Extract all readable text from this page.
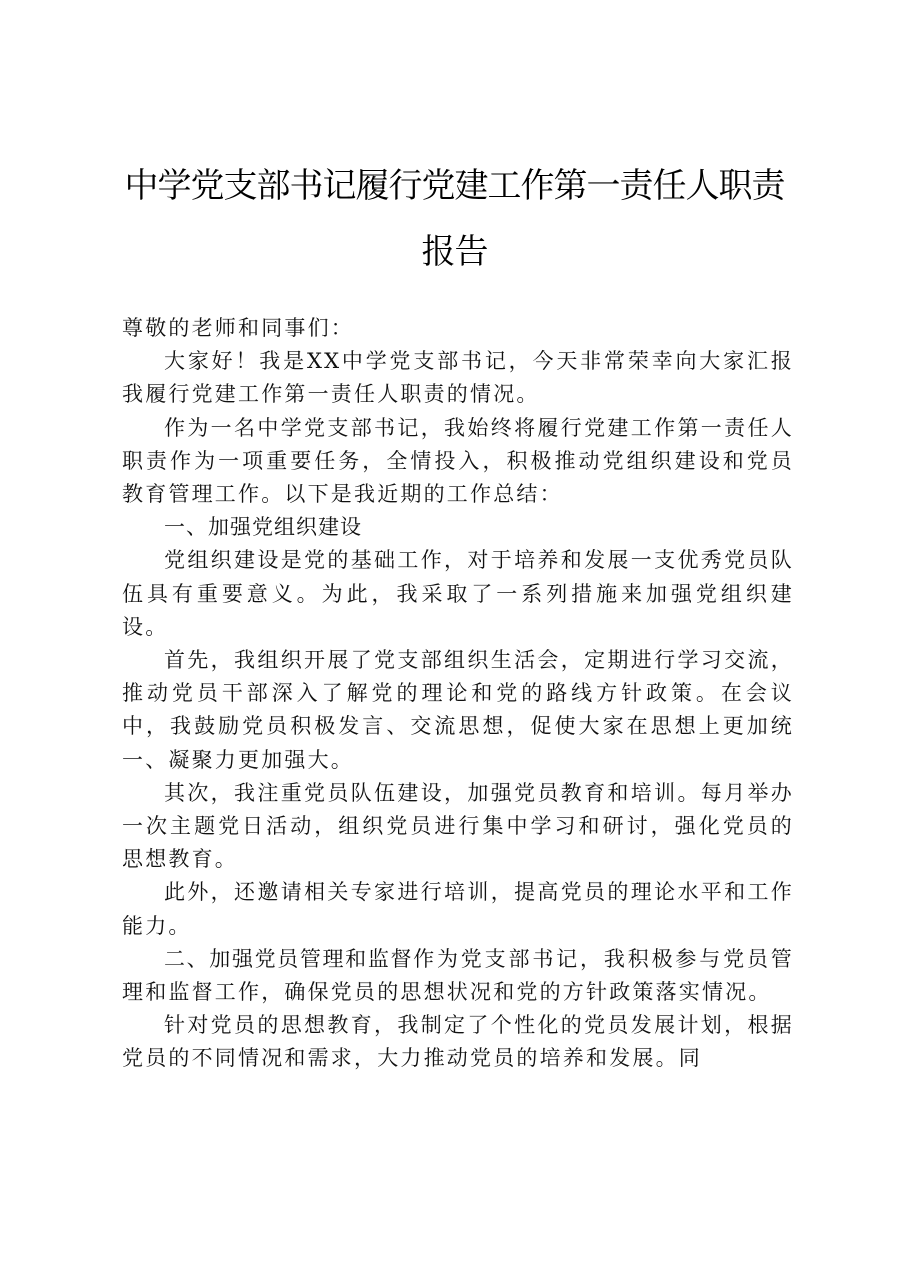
中学党支部书记履行党建工作第一责任人职责
报告

尊敬的老师和同事们：

大家好！我是XX中学党支部书记，今天非常荣幸向大家汇报我履行党建工作第一责任人职责的情况。

作为一名中学党支部书记，我始终将履行党建工作第一责任人职责作为一项重要任务，全情投入，积极推动党组织建设和党员教育管理工作。以下是我近期的工作总结：

一、加强党组织建设

党组织建设是党的基础工作，对于培养和发展一支优秀党员队伍具有重要意义。为此，我采取了一系列措施来加强党组织建设。

首先，我组织开展了党支部组织生活会，定期进行学习交流，推动党员干部深入了解党的理论和党的路线方针政策。在会议中，我鼓励党员积极发言、交流思想，促使大家在思想上更加统一、凝聚力更加强大。

其次，我注重党员队伍建设，加强党员教育和培训。每月举办一次主题党日活动，组织党员进行集中学习和研讨，强化党员的思想教育。

此外，还邀请相关专家进行培训，提高党员的理论水平和工作能力。

二、加强党员管理和监督作为党支部书记，我积极参与党员管理和监督工作，确保党员的思想状况和党的方针政策落实情况。

针对党员的思想教育，我制定了个性化的党员发展计划，根据党员的不同情况和需求，大力推动党员的培养和发展。同
